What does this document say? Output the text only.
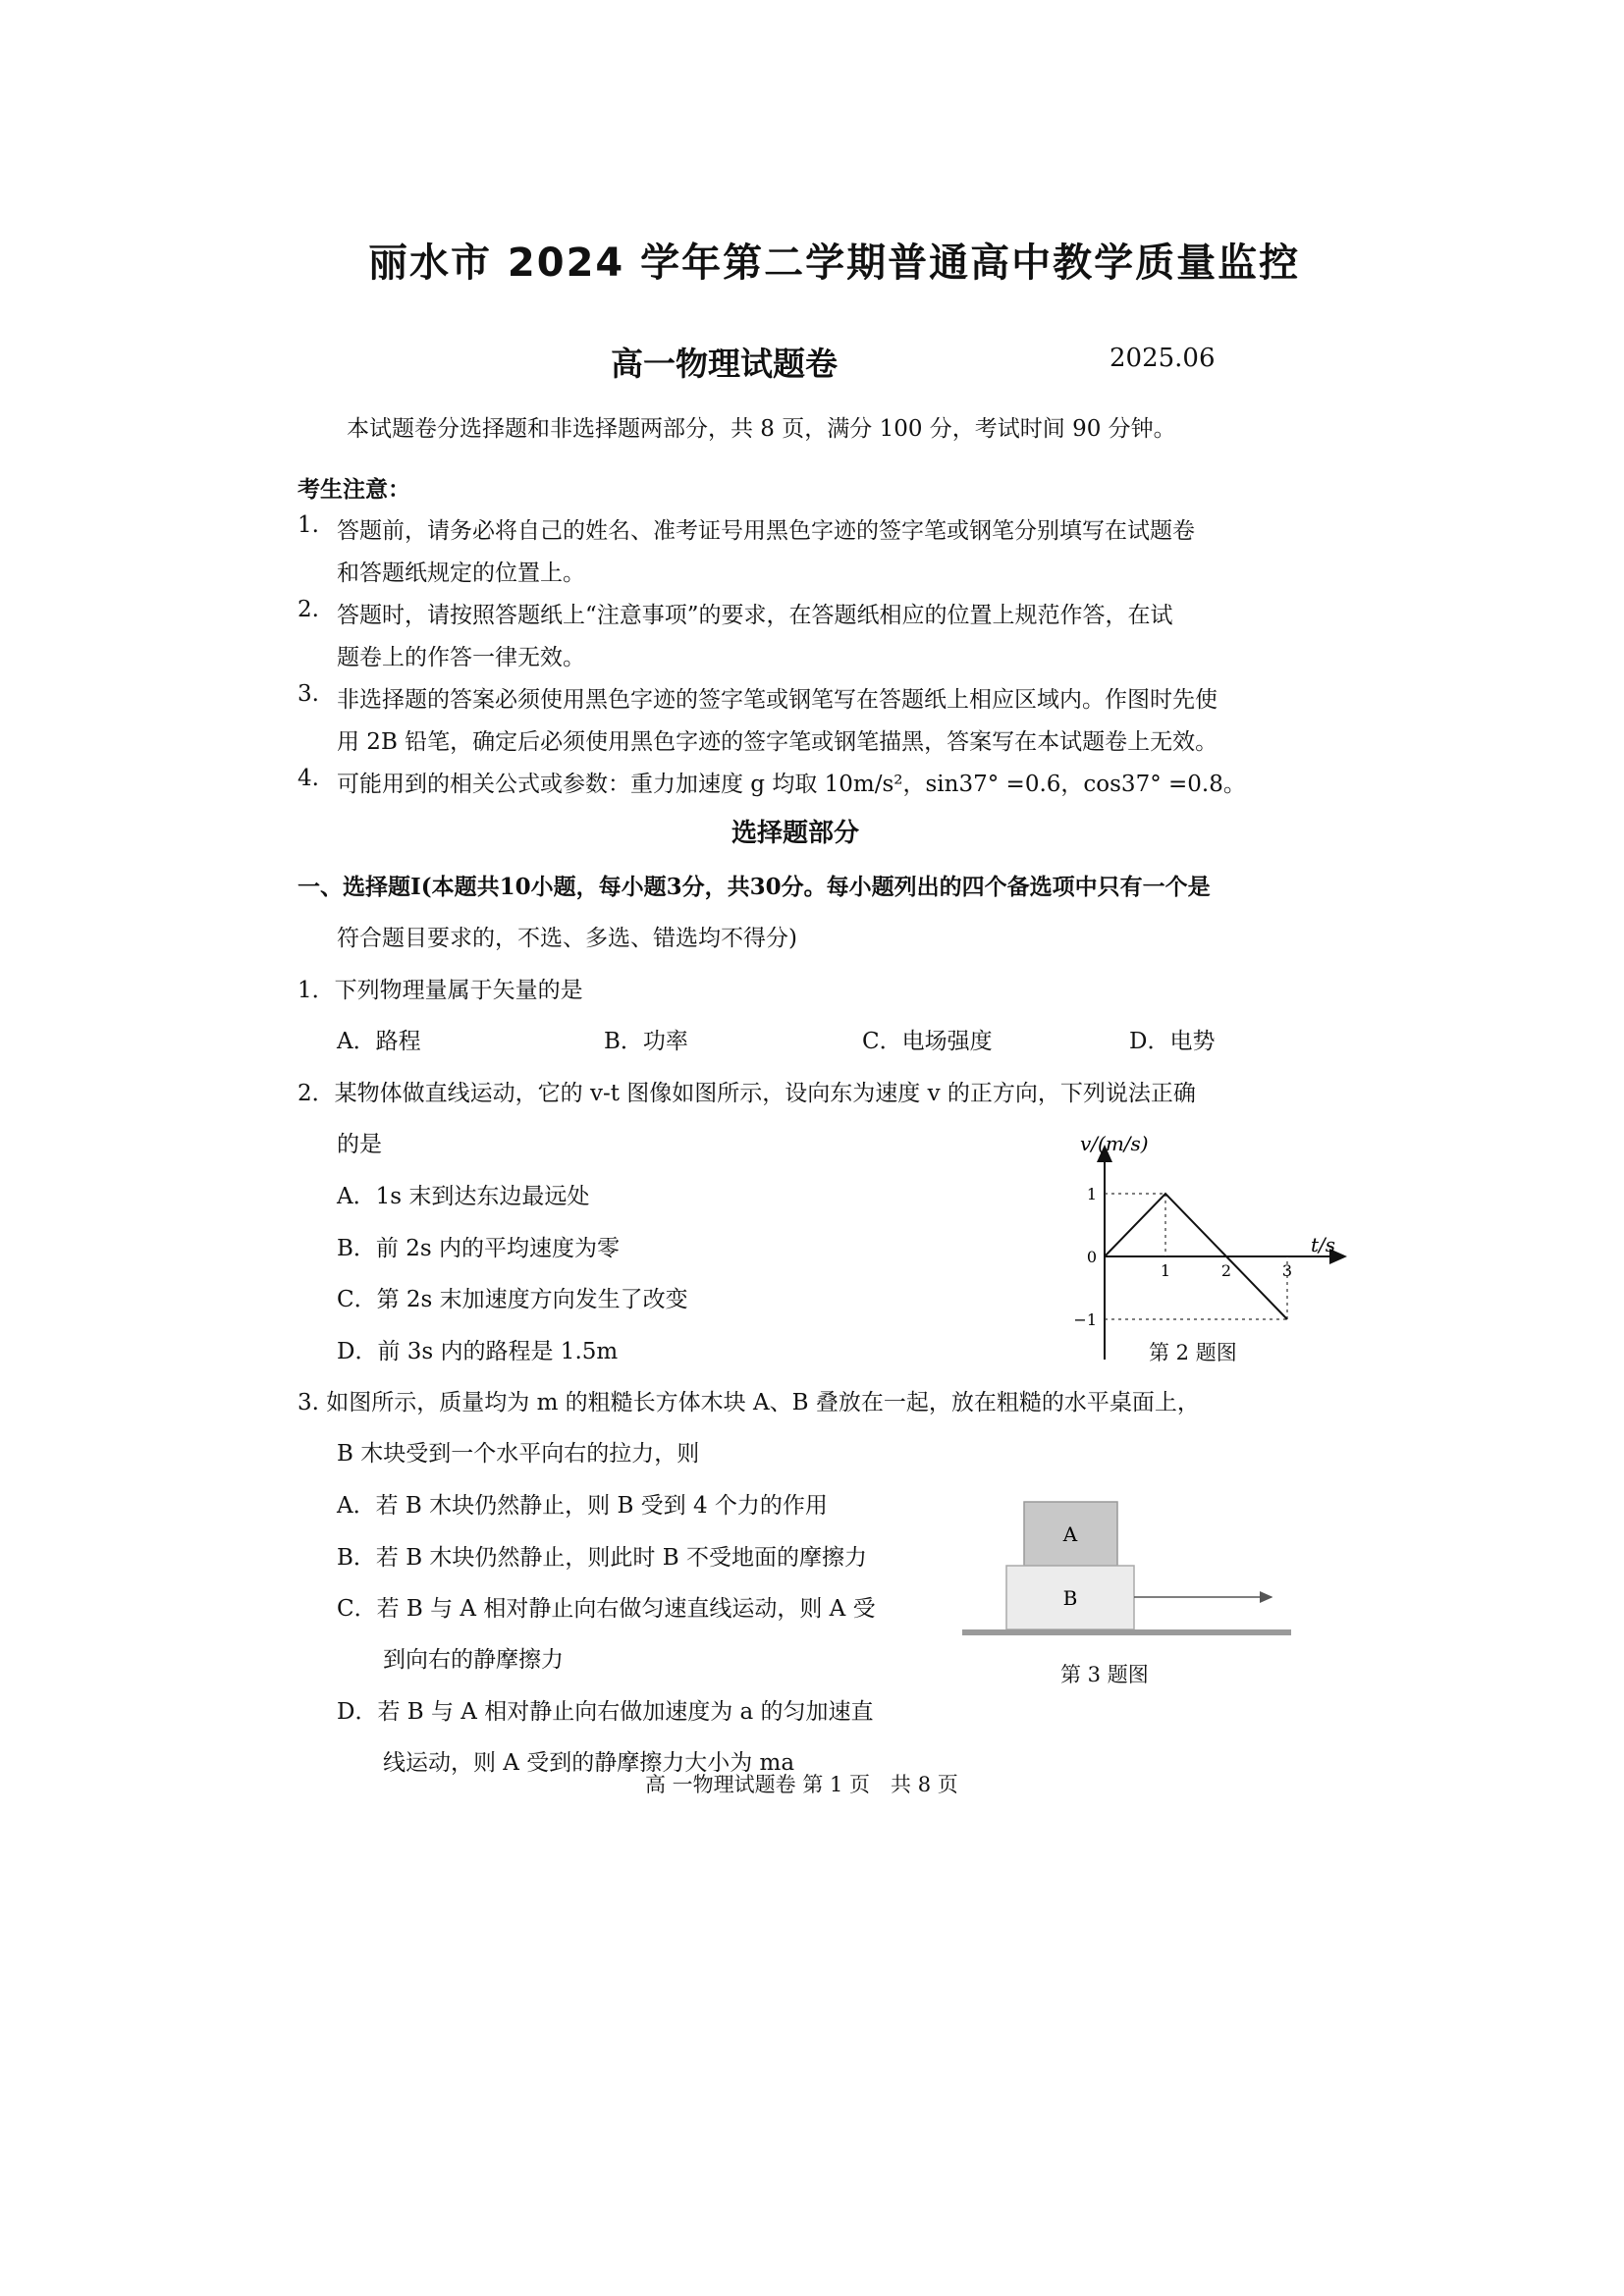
丽水市 2024 学年第二学期普通高中教学质量监控
高一物理试题卷	2025.06
本试题卷分选择题和非选择题两部分，共 8 页，满分 100 分，考试时间 90 分钟。
考生注意：
1. 答题前，请务必将自己的姓名、准考证号用黑色字迹的签字笔或钢笔分别填写在试题卷
和答题纸规定的位置上。
2. 答题时，请按照答题纸上“注意事项”的要求，在答题纸相应的位置上规范作答，在试
题卷上的作答一律无效。
3. 非选择题的答案必须使用黑色字迹的签字笔或钢笔写在答题纸上相应区域内。作图时先使
用 2B 铅笔，确定后必须使用黑色字迹的签字笔或钢笔描黑，答案写在本试题卷上无效。
4. 可能用到的相关公式或参数：重力加速度 g 均取 10m/s²，sin37° =0.6，cos37° =0.8。
选择题部分
一、选择题Ⅰ(本题共10小题，每小题3分，共30分。每小题列出的四个备选项中只有一个是
符合题目要求的，不选、多选、错选均不得分)
1．下列物理量属于矢量的是
A．路程	B．功率	C．电场强度	D．电势
2．某物体做直线运动，它的 v-t 图像如图所示，设向东为速度 v 的正方向，下列说法正确
的是
A．1s 末到达东边最远处
B．前 2s 内的平均速度为零
C．第 2s 末加速度方向发生了改变
D．前 3s 内的路程是 1.5m
1	2	3
1
0
−1
v/(m/s)
t/s
第 2 题图
3. 如图所示，质量均为 m 的粗糙长方体木块 A、B 叠放在一起，放在粗糙的水平桌面上，
B 木块受到一个水平向右的拉力，则
A．若 B 木块仍然静止，则 B 受到 4 个力的作用
B．若 B 木块仍然静止，则此时 B 不受地面的摩擦力
C．若 B 与 A 相对静止向右做匀速直线运动，则 A 受
到向右的静摩擦力
D．若 B 与 A 相对静止向右做加速度为 a 的匀加速直
线运动，则 A 受到的静摩擦力大小为 ma
A
B
第 3 题图
高 一物理试题卷 第 1 页　共 8 页
